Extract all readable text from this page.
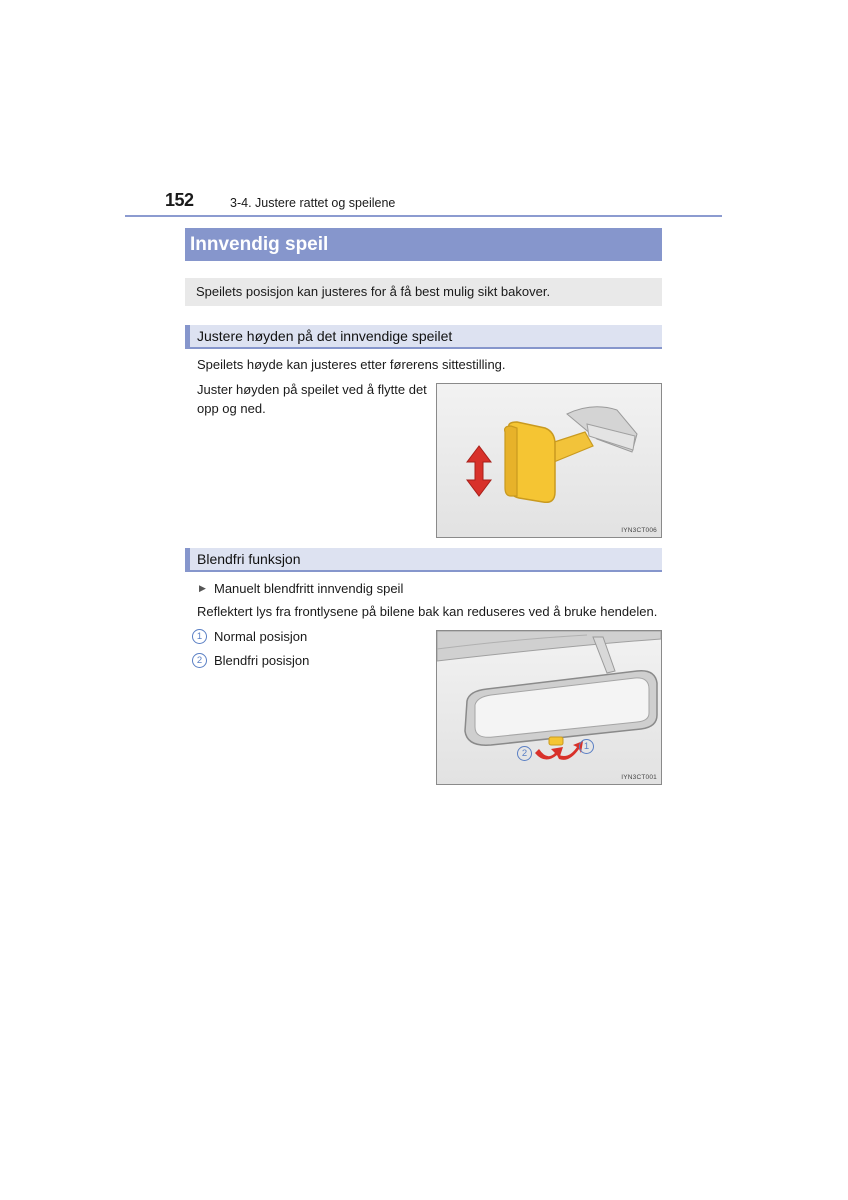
152	3-4. Justere rattet og speilene
Innvendig speil
Speilets posisjon kan justeres for å få best mulig sikt bakover.
Justere høyden på det innvendige speilet
Speilets høyde kan justeres etter førerens sittestilling.
Juster høyden på speilet ved å flytte det
opp og ned.
IYN3CT006
Blendfri funksjon
▶ Manuelt blendfritt innvendig speil
Reflektert lys fra frontlysene på bilene bak kan reduseres ved å bruke hendelen.
1 Normal posisjon
2 Blendfri posisjon
1
2
IYN3CT001
